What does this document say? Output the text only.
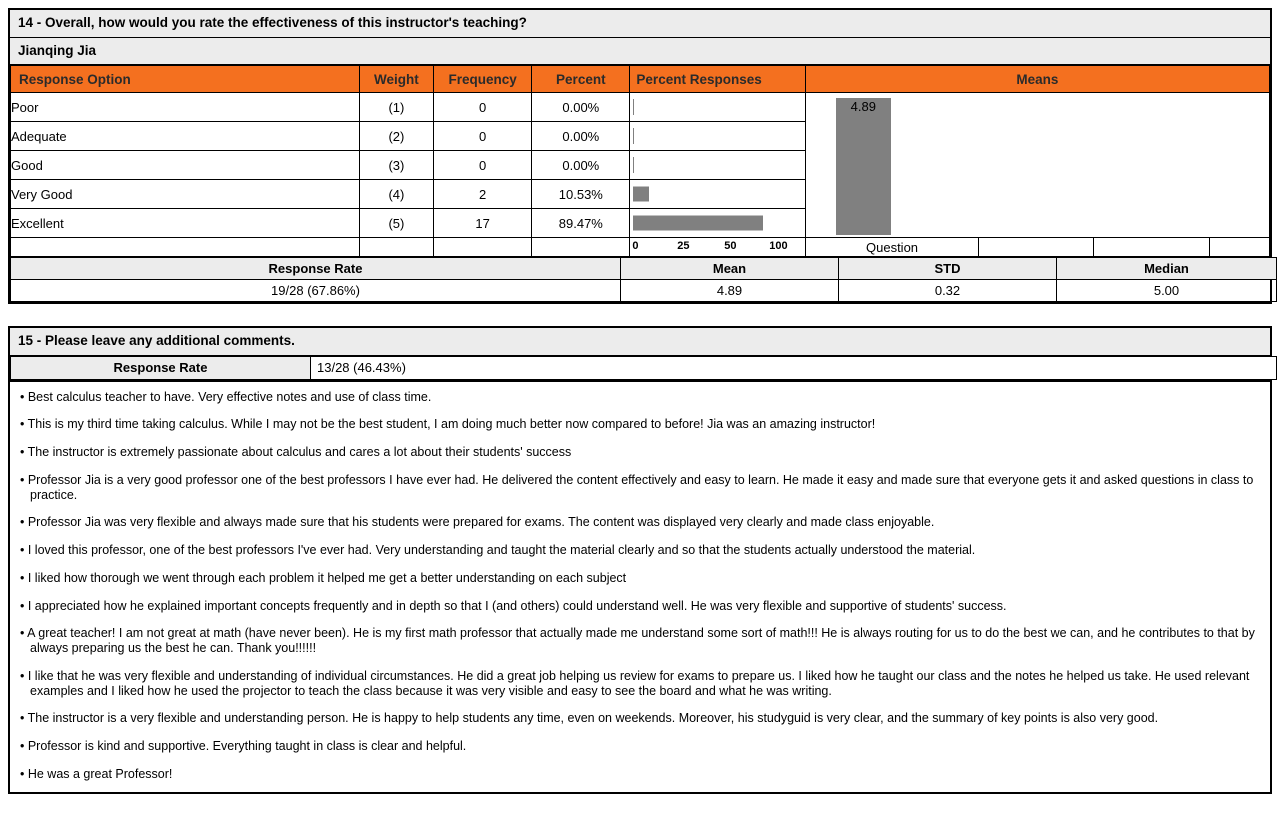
14 - Overall, how would you rate the effectiveness of this instructor's teaching?
Jianqing Jia
Response Option	Weight	Frequency	Percent	Percent Responses	Means			
Poor	(1)	0	0.00%		4.89			

Adequate	(2)	0	0.00%					

Good	(3)	0	0.00%					

Very Good	(4)	2	10.53%					

Excellent	(5)	17	89.47%					

				0 25 50 100	Question			
Response Rate	Mean	STD	Median
19/28 (67.86%)	4.89	0.32	5.00
15 - Please leave any additional comments.
Response Rate	13/28 (46.43%)

• Best calculus teacher to have. Very effective notes and use of class time.

• This is my third time taking calculus. While I may not be the best student, I am doing much better now compared to before! Jia was an amazing instructor!

• The instructor is extremely passionate about calculus and cares a lot about their students' success

• Professor Jia is a very good professor one of the best professors I have ever had. He delivered the content effectively and easy to learn. He made it easy and made sure that everyone gets it and asked questions in class to practice.

• Professor Jia was very flexible and always made sure that his students were prepared for exams. The content was displayed very clearly and made class enjoyable.

• I loved this professor, one of the best professors I've ever had. Very understanding and taught the material clearly and so that the students actually understood the material.

• I liked how thorough we went through each problem it helped me get a better understanding on each subject

• I appreciated how he explained important concepts frequently and in depth so that I (and others) could understand well. He was very flexible and supportive of students' success.

• A great teacher! I am not great at math (have never been). He is my first math professor that actually made me understand some sort of math!!! He is always routing for us to do the best we can, and he contributes to that by always preparing us the best he can. Thank you!!!!!!

• I like that he was very flexible and understanding of individual circumstances. He did a great job helping us review for exams to prepare us. I liked how he taught our class and the notes he helped us take. He used relevant examples and I liked how he used the projector to teach the class because it was very visible and easy to see the board and what he was writing.

• The instructor is a very flexible and understanding person. He is happy to help students any time, even on weekends. Moreover, his studyguid is very clear, and the summary of key points is also very good.

• Professor is kind and supportive. Everything taught in class is clear and helpful.

• He was a great Professor!
